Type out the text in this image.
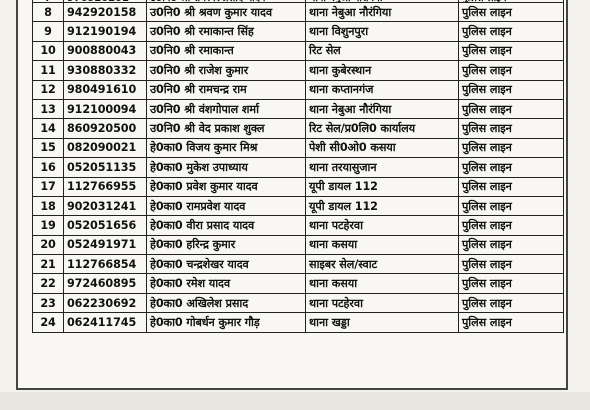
8	942920158	उ0नि0 श्री श्रवण कुमार यादव	थाना नेबुआ नौरंगिया	पुलिस लाइन
9	912190194	उ0नि0 श्री रमाकान्त सिंह	थाना विशुनपुरा	पुलिस लाइन
10	900880043	उ0नि0 श्री रमाकान्त	रिट सेल	पुलिस लाइन
11	930880332	उ0नि0 श्री राजेश कुमार	थाना कुबेरस्थान	पुलिस लाइन
12	980491610	उ0नि0 श्री रामचन्द्र राम	थाना कप्तानगंज	पुलिस लाइन
13	912100094	उ0नि0 श्री वंशगोपाल शर्मा	थाना नेबुआ नौरंगिया	पुलिस लाइन
14	860920500	उ0नि0 श्री वेद प्रकाश शुक्ल	रिट सेल/प्र0लि0 कार्यालय	पुलिस लाइन
15	082090021	हे0का0 विजय कुमार मिश्र	पेशी सी0ओ0 कसया	पुलिस लाइन
16	052051135	हे0का0 मुकेश उपाध्याय	थाना तरयासुजान	पुलिस लाइन
17	112766955	हे0का0 प्रवेश कुमार यादव	यूपी डायल 112	पुलिस लाइन
18	902031241	हे0का0 रामप्रवेश यादव	यूपी डायल 112	पुलिस लाइन
19	052051656	हे0का0 वीरा प्रसाद यादव	थाना पटहेरवा	पुलिस लाइन
20	052491971	हे0का0 हरिन्द्र कुमार	थाना कसया	पुलिस लाइन
21	112766854	हे0का0 चन्द्रशेखर यादव	साइबर सेल/स्वाट	पुलिस लाइन
22	972460895	हे0का0 रमेश यादव	थाना कसया	पुलिस लाइन
23	062230692	हे0का0 अखिलेश प्रसाद	थाना पटहेरवा	पुलिस लाइन
24	062411745	हे0का0 गोबर्धन कुमार गौड़	थाना खड्डा	पुलिस लाइन
